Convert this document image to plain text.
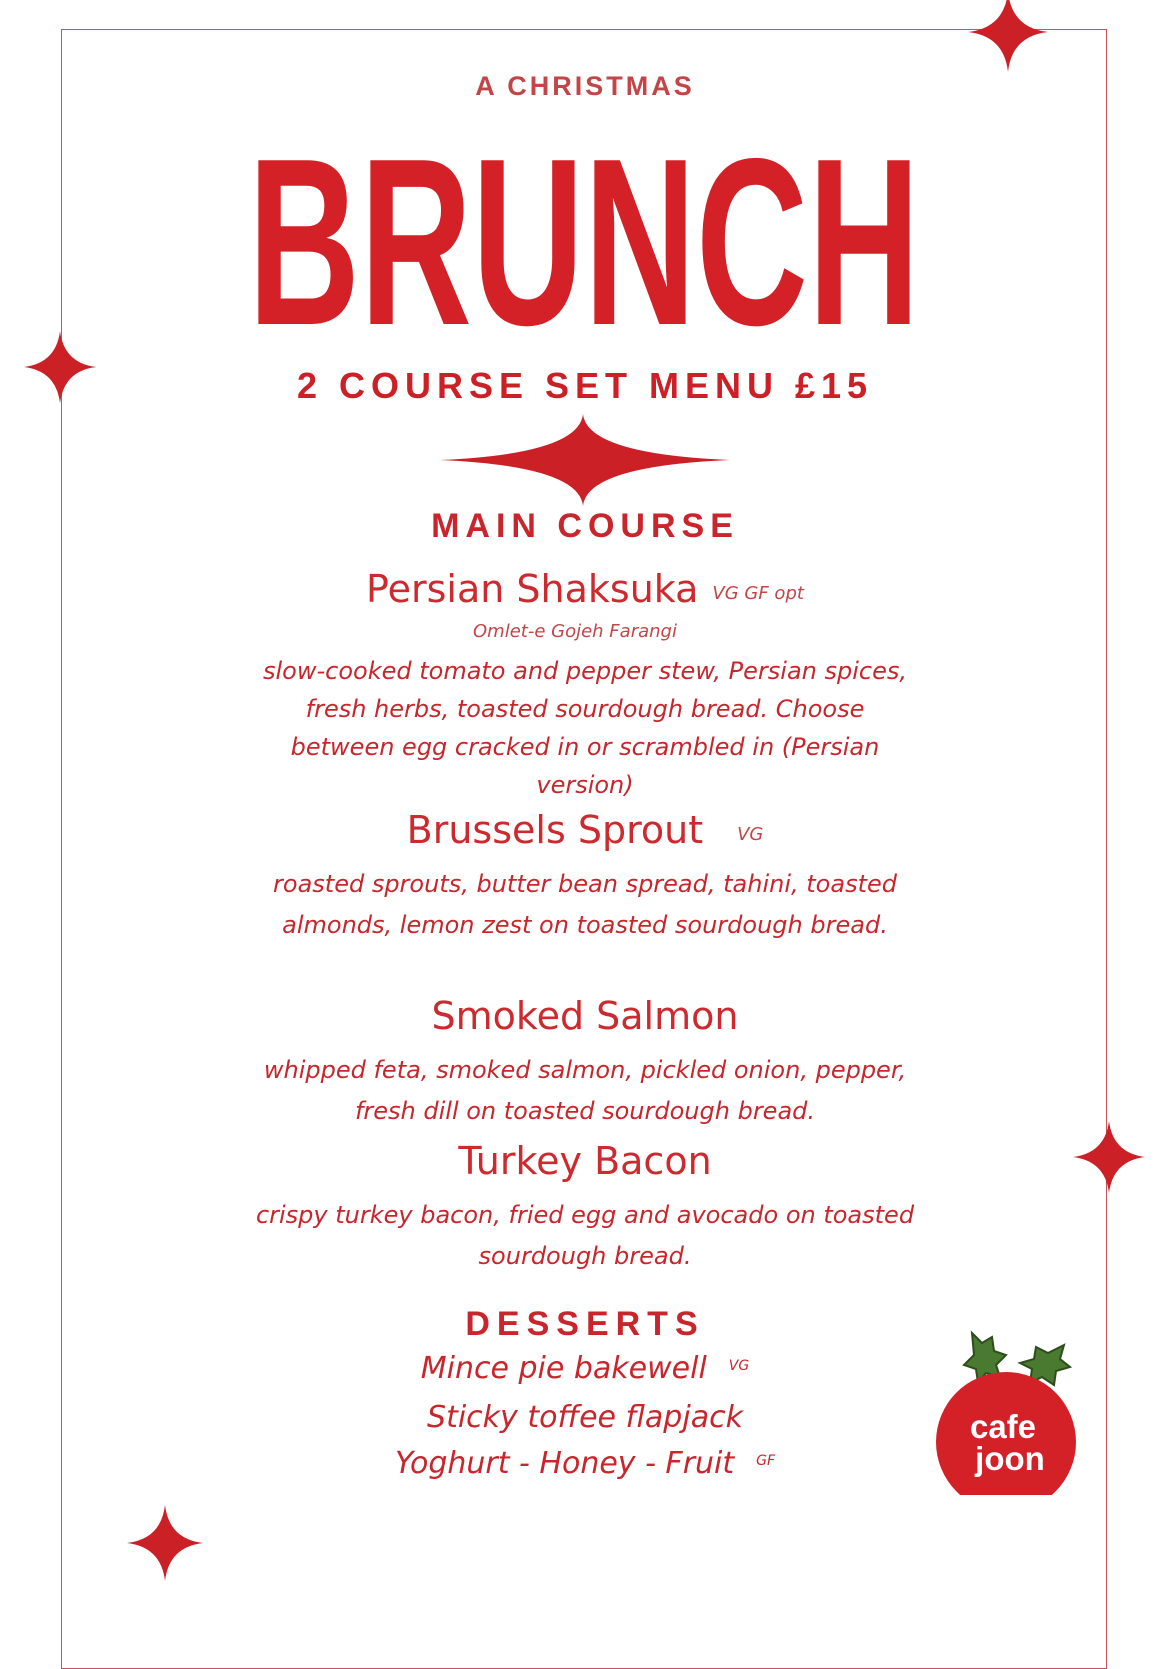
A CHRISTMAS
BRUNCH
2 COURSE SET MENU £15
MAIN COURSE
Persian Shaksuka VG GF opt
Omlet-e Gojeh Farangi
slow-cooked tomato and pepper stew, Persian spices, fresh herbs, toasted sourdough bread. Choose between egg cracked in or scrambled in (Persian version)
Brussels Sprout VG
roasted sprouts, butter bean spread, tahini, toasted almonds, lemon zest on toasted sourdough bread.
Smoked Salmon
whipped feta, smoked salmon, pickled onion, pepper, fresh dill on toasted sourdough bread.
Turkey Bacon
crispy turkey bacon, fried egg and avocado on toasted sourdough bread.
DESSERTS
Mince pie bakewell $^{VG}$
Sticky toffee flapjack
Yoghurt - Honey - Fruit $^{GF}$
cafe
joon
